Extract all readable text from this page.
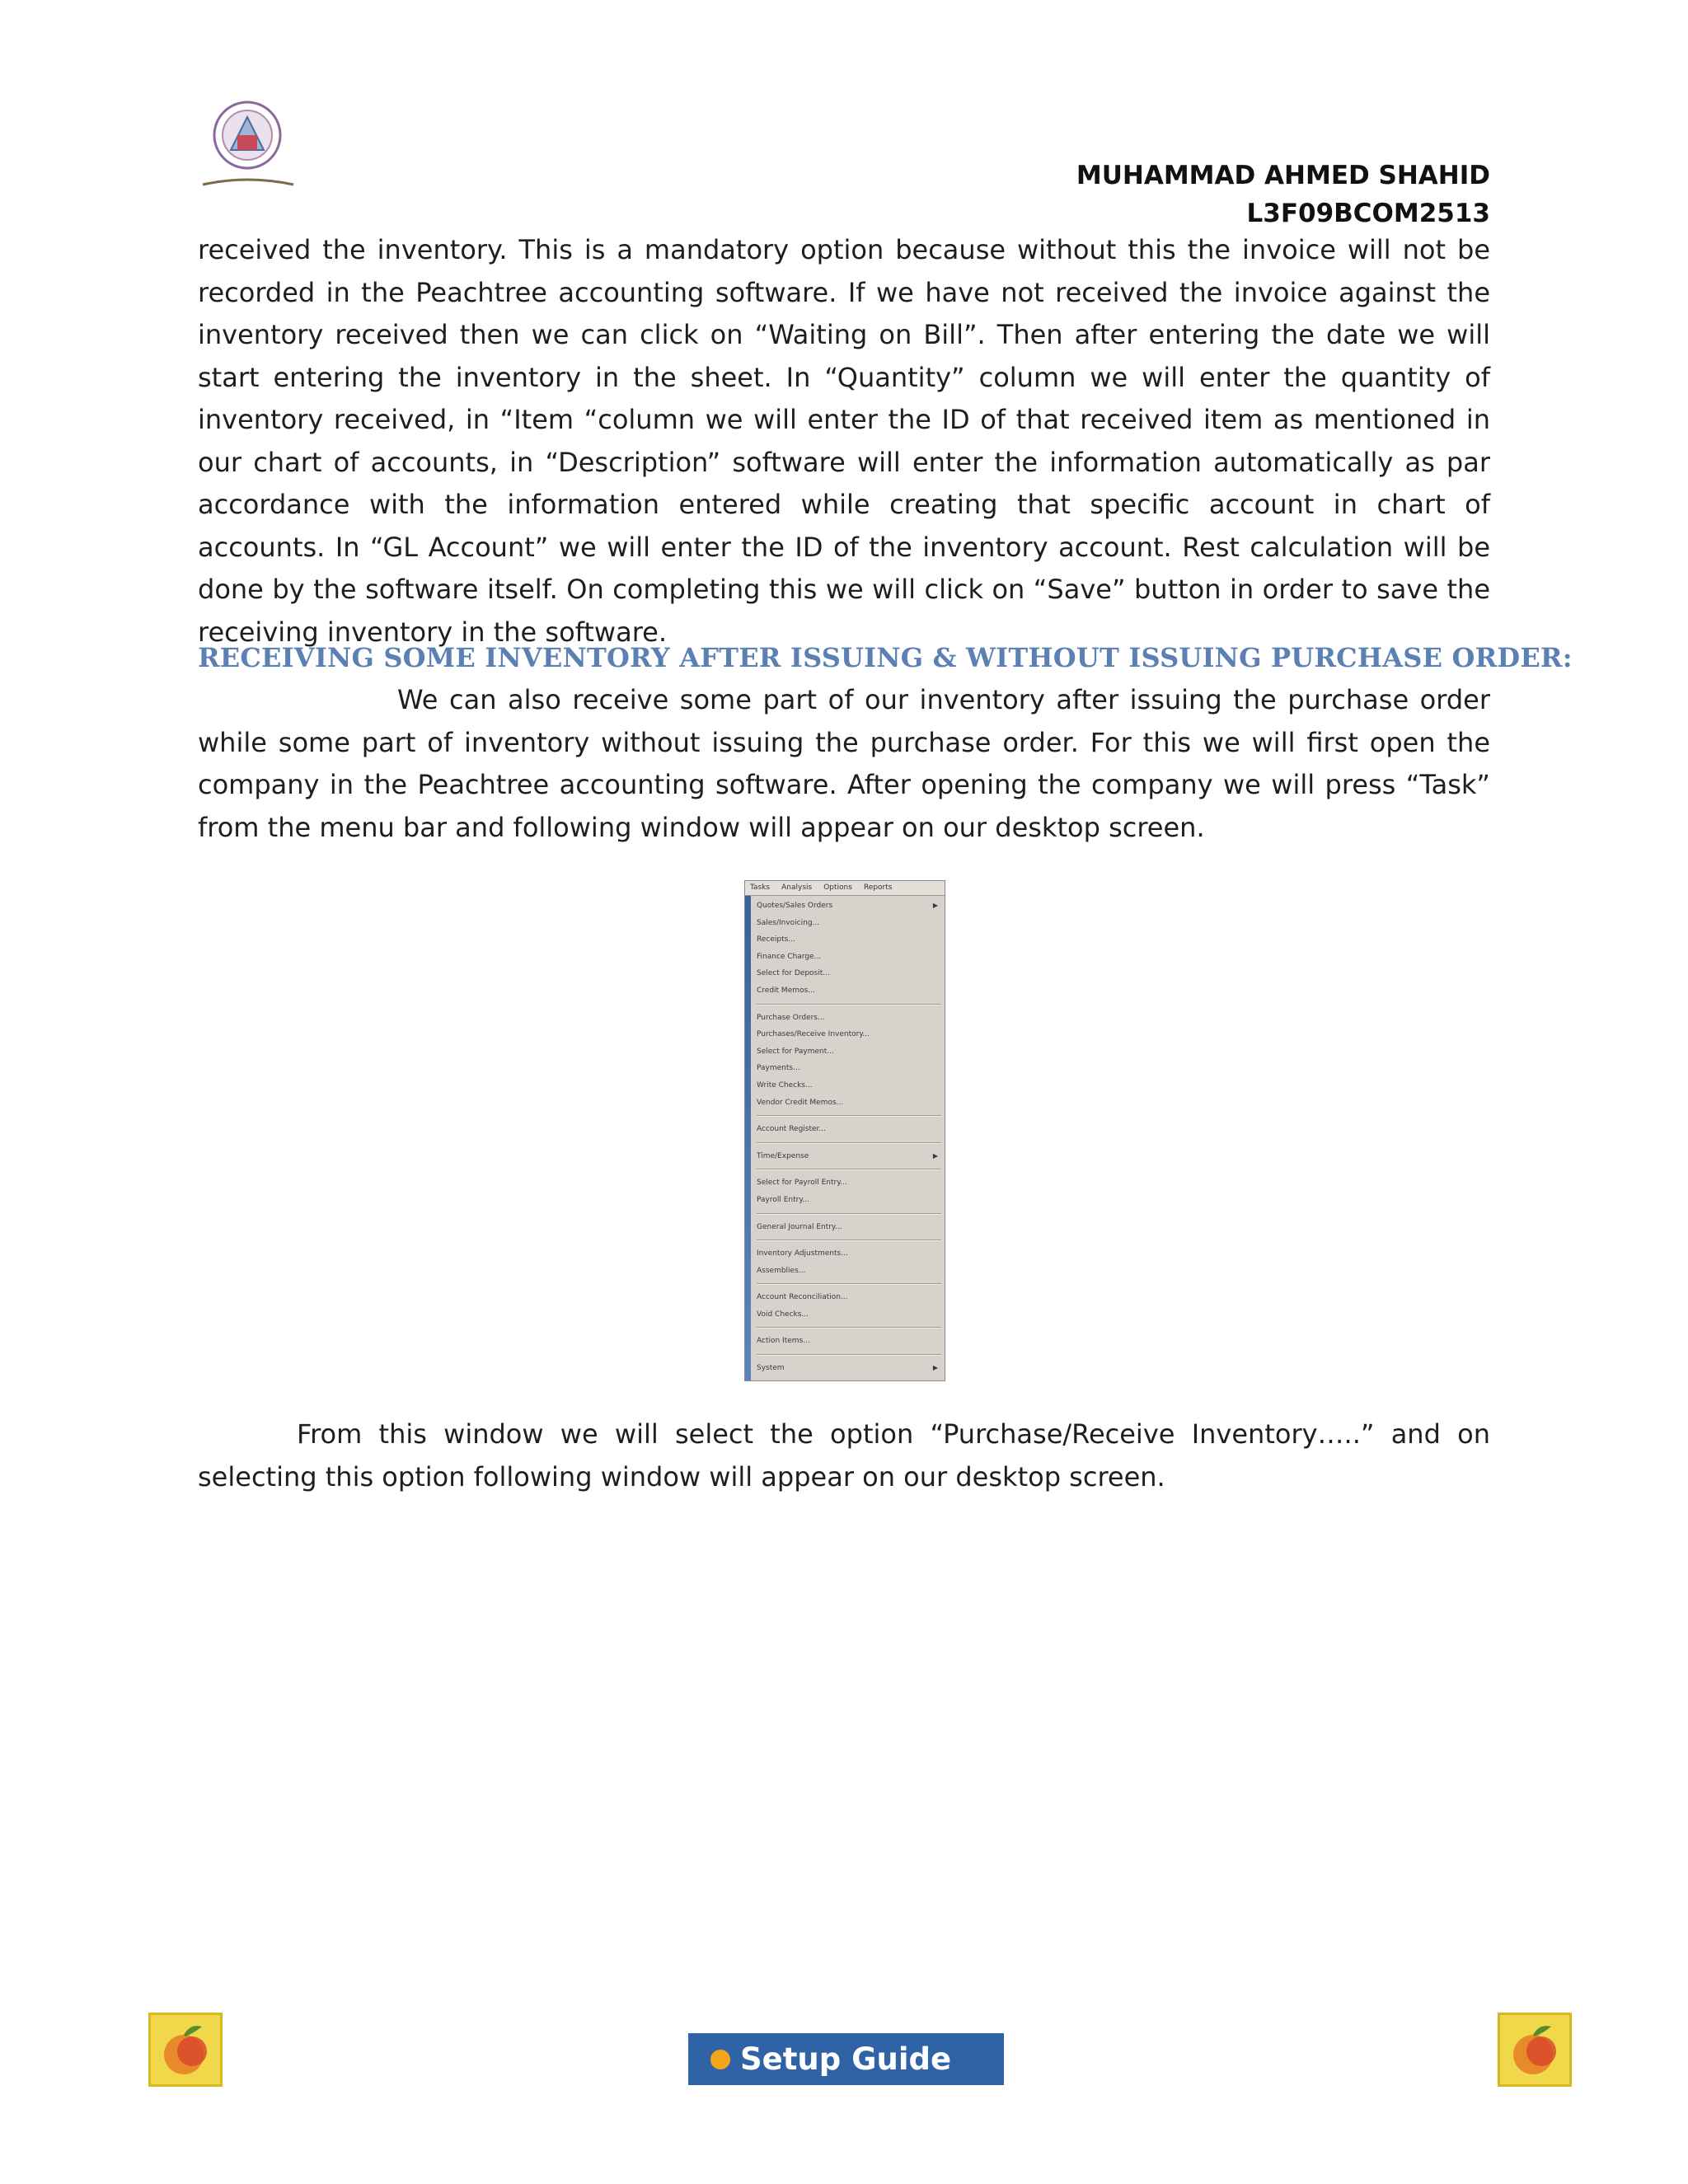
MUHAMMAD AHMED SHAHID
L3F09BCOM2513

received the inventory. This is a mandatory option because without this the invoice will not be recorded in the Peachtree accounting software. If we have not received the invoice against the inventory received then we can click on “Waiting on Bill”. Then after entering the date we will start entering the inventory in the sheet. In “Quantity” column we will enter the quantity of inventory received, in “Item “column we will enter the ID of that received item as mentioned in our chart of accounts, in “Description” software will enter the information automatically as par accordance with the information entered while creating that specific account in chart of accounts. In “GL Account” we will enter the ID of the inventory account. Rest calculation will be done by the software itself. On completing this we will click on “Save” button in order to save the receiving inventory in the software.

RECEIVING SOME INVENTORY AFTER ISSUING & WITHOUT ISSUING PURCHASE ORDER:

We can also receive some part of our inventory after issuing the purchase order while some part of inventory without issuing the purchase order. For this we will first open the company in the Peachtree accounting software. After opening the company we will press “Task” from the menu bar and following window will appear on our desktop screen.

Tasks Analysis Options Reports
Quotes/Sales Orders	▶
Sales/Invoicing...
Receipts...
Finance Charge...
Select for Deposit...
Credit Memos...
Purchase Orders...
Purchases/Receive Inventory...
Select for Payment...
Payments...
Write Checks...
Vendor Credit Memos...
Account Register...
Time/Expense	▶
Select for Payroll Entry...
Payroll Entry...
General Journal Entry...
Inventory Adjustments...
Assemblies...
Account Reconciliation...
Void Checks...
Action Items...
System	▶

From this window we will select the option “Purchase/Receive Inventory…..” and on selecting this option following window will appear on our desktop screen.

Setup Guide
